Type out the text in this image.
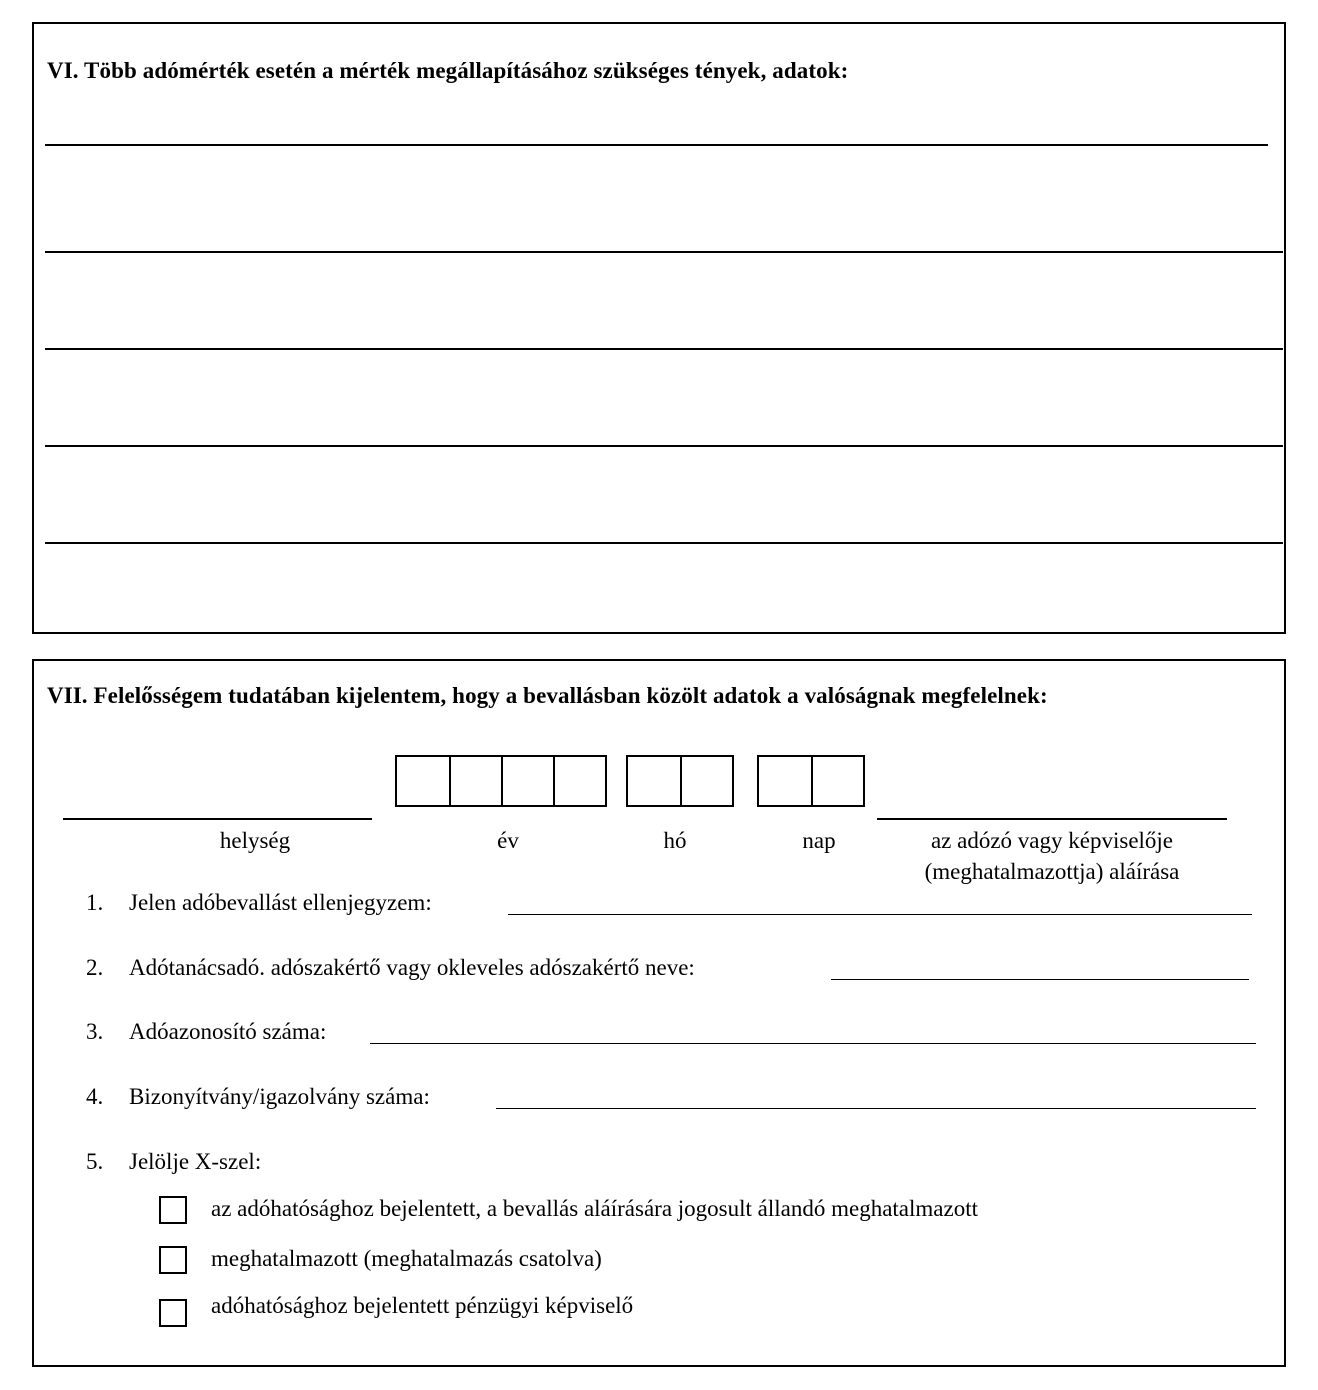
VI. Több adómérték esetén a mérték megállapításához szükséges tények, adatok:
VII. Felelősségem tudatában kijelentem, hogy a bevallásban közölt adatok a valóságnak megfelelnek:
helység	év	hó	nap	az adózó vagy képviselője
(meghatalmazottja) aláírása
1. Jelen adóbevallást ellenjegyzem:
2. Adótanácsadó. adószakértő vagy okleveles adószakértő neve:
3. Adóazonosító száma:
4. Bizonyítvány/igazolvány száma:
5. Jelölje X-szel:
az adóhatósághoz bejelentett, a bevallás aláírására jogosult állandó meghatalmazott
meghatalmazott (meghatalmazás csatolva)
adóhatósághoz bejelentett pénzügyi képviselő
